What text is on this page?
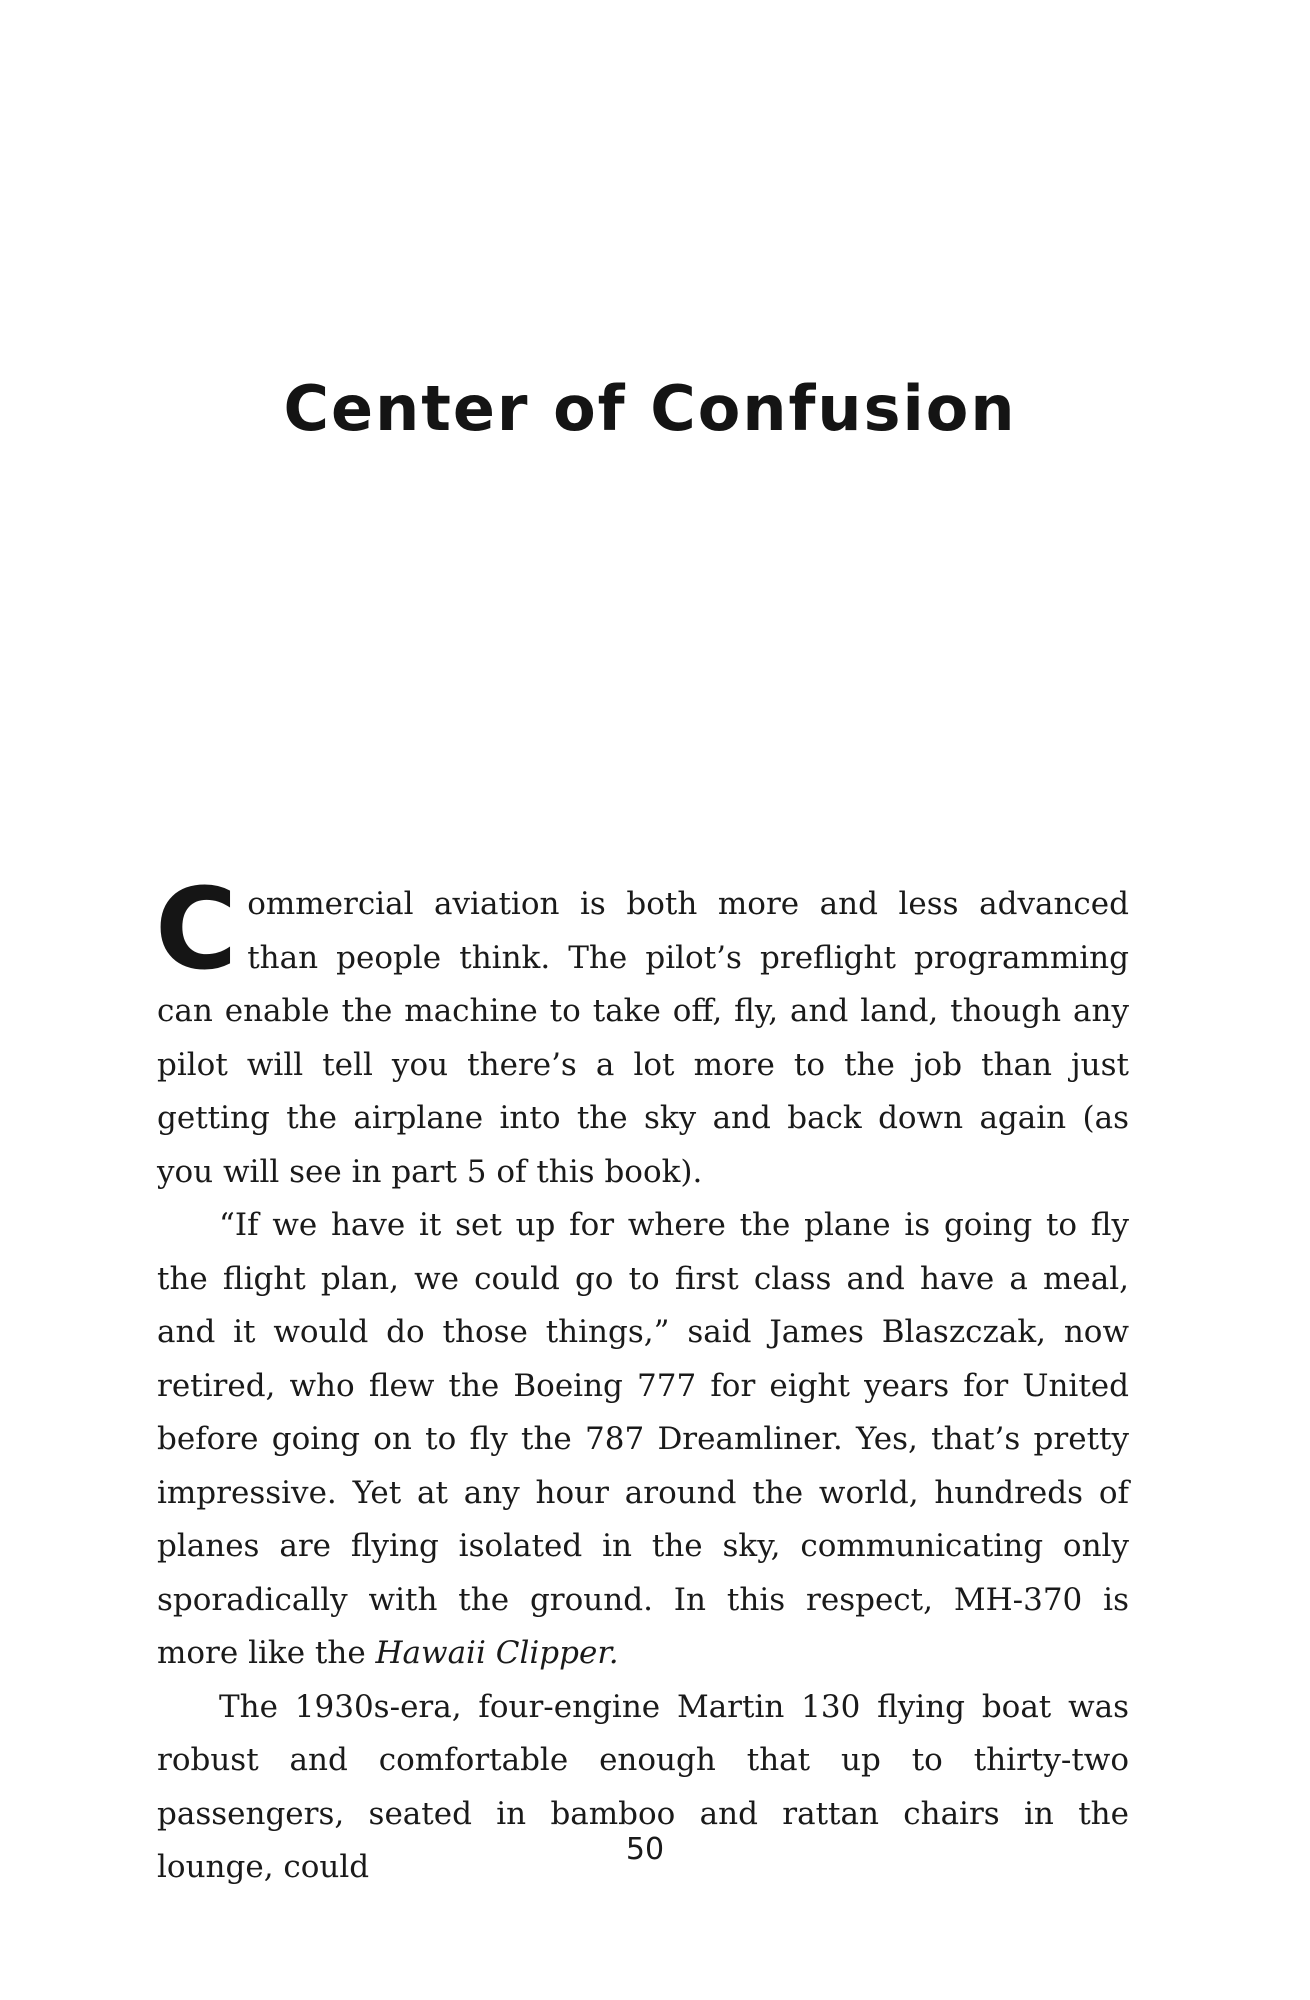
Center of Confusion

Commercial aviation is both more and less advanced than people think. The pilot’s preflight programming can enable the machine to take off, fly, and land, though any pilot will tell you there’s a lot more to the job than just getting the airplane into the sky and back down again (as you will see in part 5 of this book).

“If we have it set up for where the plane is going to fly the flight plan, we could go to first class and have a meal, and it would do those things,” said James Blaszczak, now retired, who flew the Boeing 777 for eight years for United before going on to fly the 787 Dreamliner. Yes, that’s pretty impressive. Yet at any hour around the world, hundreds of planes are flying isolated in the sky, communicating only sporadically with the ground. In this respect, MH-370 is more like the Hawaii Clipper.

The 1930s-era, four-engine Martin 130 flying boat was robust and comfortable enough that up to thirty-two passengers, seated in bamboo and rattan chairs in the lounge, could	50
